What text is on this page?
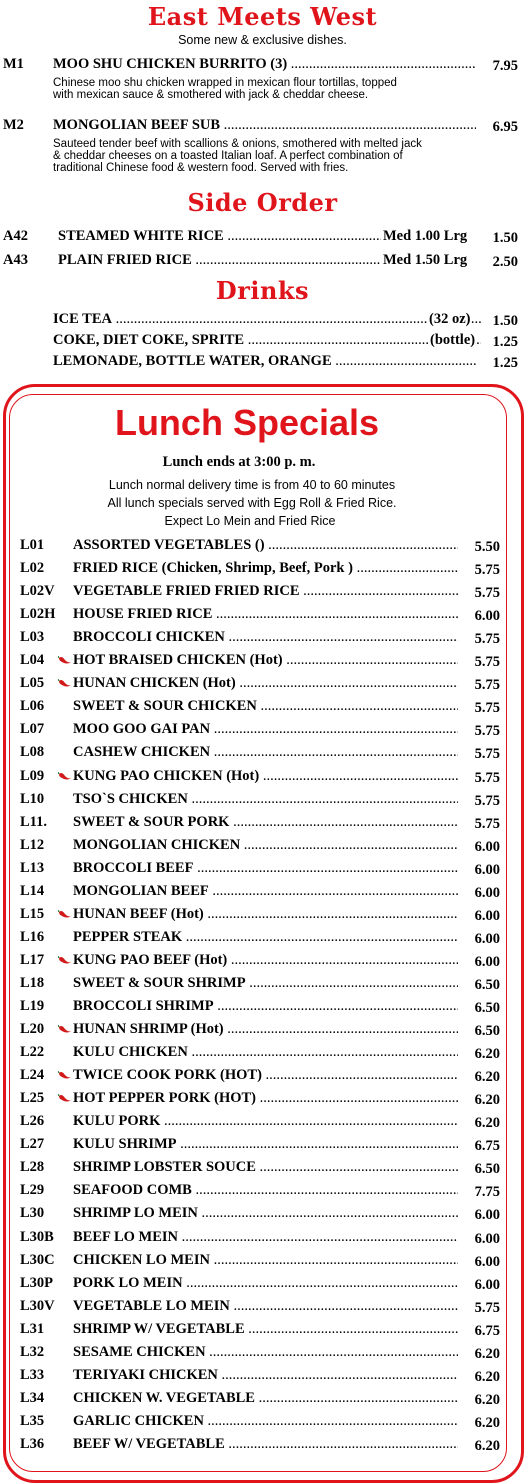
East Meets West
Some new & exclusive dishes.
M1 MOO SHU CHICKEN BURRITO (3) .....	7.95
Chinese moo shu chicken wrapped in mexican flour tortillas, topped
with mexican sauce & smothered with jack & cheddar cheese.
M2 MONGOLIAN BEEF SUB .....	6.95
Sauteed tender beef with scallions & onions, smothered with melted jack
& cheddar cheeses on a toasted Italian loaf. A perfect combination of
traditional Chinese food & western food. Served with fries.
Side Order
A42 STEAMED WHITE RICE .....	Med 1.00 Lrg	1.50
A43 PLAIN FRIED RICE .....	Med 1.50 Lrg	2.50
Drinks
ICE TEA .....	(32 oz)	1.50
COKE, DIET COKE, SPRITE .....	(bottle)	1.25
LEMONADE, BOTTLE WATER, ORANGE .....	1.25
Lunch Specials
Lunch ends at 3:00 p. m.
Lunch normal delivery time is from 40 to 60 minutes
All lunch specials served with Egg Roll & Fried Rice.
Expect Lo Mein and Fried Rice
L01 ASSORTED VEGETABLES () .....	5.50
L02 FRIED RICE (Chicken, Shrimp, Beef, Pork ) .....	5.75
L02V VEGETABLE FRIED FRIED RICE .....	5.75
L02H HOUSE FRIED RICE .....	6.00
L03 BROCCOLI CHICKEN .....	5.75
L04 HOT BRAISED CHICKEN (Hot) .....	5.75
L05 HUNAN CHICKEN (Hot) .....	5.75
L06 SWEET & SOUR CHICKEN .....	5.75
L07 MOO GOO GAI PAN .....	5.75
L08 CASHEW CHICKEN .....	5.75
L09 KUNG PAO CHICKEN (Hot) .....	5.75
L10 TSO`S CHICKEN .....	5.75
L11. SWEET & SOUR PORK .....	5.75
L12 MONGOLIAN CHICKEN .....	6.00
L13 BROCCOLI BEEF .....	6.00
L14 MONGOLIAN BEEF .....	6.00
L15 HUNAN BEEF (Hot) .....	6.00
L16 PEPPER STEAK .....	6.00
L17 KUNG PAO BEEF (Hot) .....	6.00
L18 SWEET & SOUR SHRIMP .....	6.50
L19 BROCCOLI SHRIMP .....	6.50
L20 HUNAN SHRIMP (Hot) .....	6.50
L22 KULU CHICKEN .....	6.20
L24 TWICE COOK PORK (HOT) .....	6.20
L25 HOT PEPPER PORK (HOT) .....	6.20
L26 KULU PORK .....	6.20
L27 KULU SHRIMP .....	6.75
L28 SHRIMP LOBSTER SOUCE .....	6.50
L29 SEAFOOD COMB .....	7.75
L30 SHRIMP LO MEIN .....	6.00
L30B BEEF LO MEIN .....	6.00
L30C CHICKEN LO MEIN .....	6.00
L30P PORK LO MEIN .....	6.00
L30V VEGETABLE LO MEIN .....	5.75
L31 SHRIMP W/ VEGETABLE .....	6.75
L32 SESAME CHICKEN .....	6.20
L33 TERIYAKI CHICKEN .....	6.20
L34 CHICKEN W. VEGETABLE .....	6.20
L35 GARLIC CHICKEN .....	6.20
L36 BEEF W/ VEGETABLE .....	6.20
